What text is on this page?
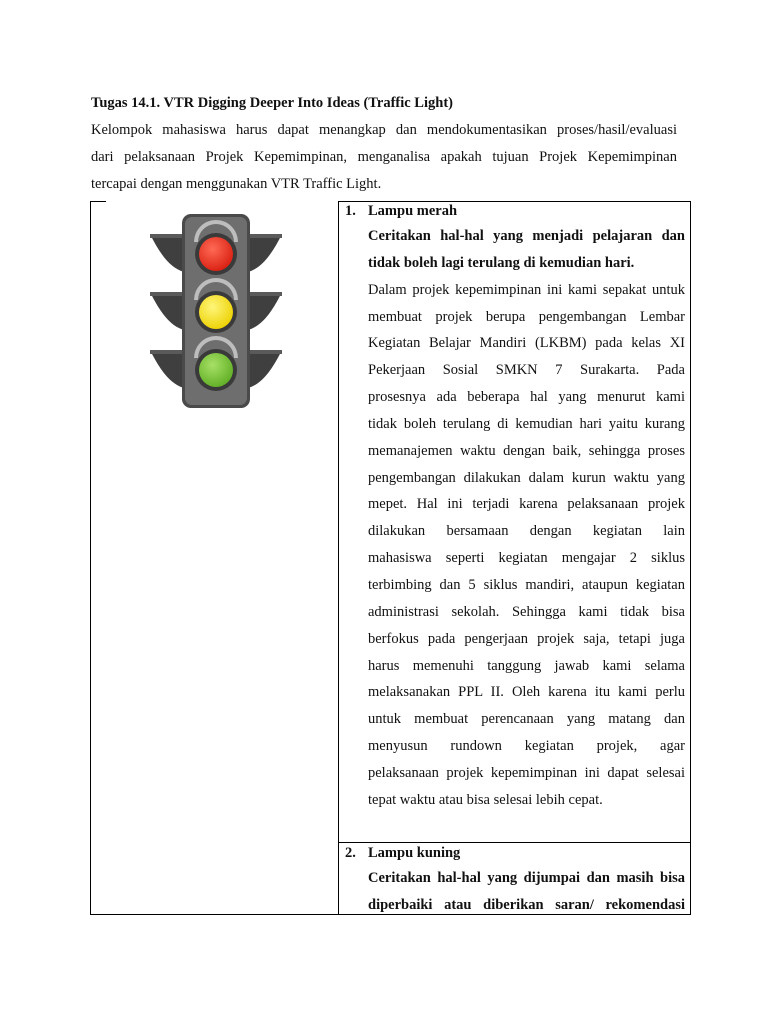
Tugas 14.1. VTR Digging Deeper Into Ideas (Traffic Light)
Kelompok mahasiswa harus dapat menangkap dan mendokumentasikan proses/hasil/evaluasi
dari pelaksanaan Projek Kepemimpinan, menganalisa apakah tujuan Projek Kepemimpinan
tercapai dengan menggunakan VTR Traffic Light.
1. Lampu merah
Ceritakan hal-hal yang menjadi pelajaran dan
tidak boleh lagi terulang di kemudian hari.
Dalam projek kepemimpinan ini kami sepakat untuk
membuat projek berupa pengembangan Lembar
Kegiatan Belajar Mandiri (LKBM) pada kelas XI
Pekerjaan Sosial SMKN 7 Surakarta. Pada
prosesnya ada beberapa hal yang menurut kami
tidak boleh terulang di kemudian hari yaitu kurang
memanajemen waktu dengan baik, sehingga proses
pengembangan dilakukan dalam kurun waktu yang
mepet. Hal ini terjadi karena pelaksanaan projek
dilakukan bersamaan dengan kegiatan lain
mahasiswa seperti kegiatan mengajar 2 siklus
terbimbing dan 5 siklus mandiri, ataupun kegiatan
administrasi sekolah. Sehingga kami tidak bisa
berfokus pada pengerjaan projek saja, tetapi juga
harus memenuhi tanggung jawab kami selama
melaksanakan PPL II. Oleh karena itu kami perlu
untuk membuat perencanaan yang matang dan
menyusun rundown kegiatan projek, agar
pelaksanaan projek kepemimpinan ini dapat selesai
tepat waktu atau bisa selesai lebih cepat.
2. Lampu kuning
Ceritakan hal-hal yang dijumpai dan masih bisa
diperbaiki atau diberikan saran/ rekomendasi
